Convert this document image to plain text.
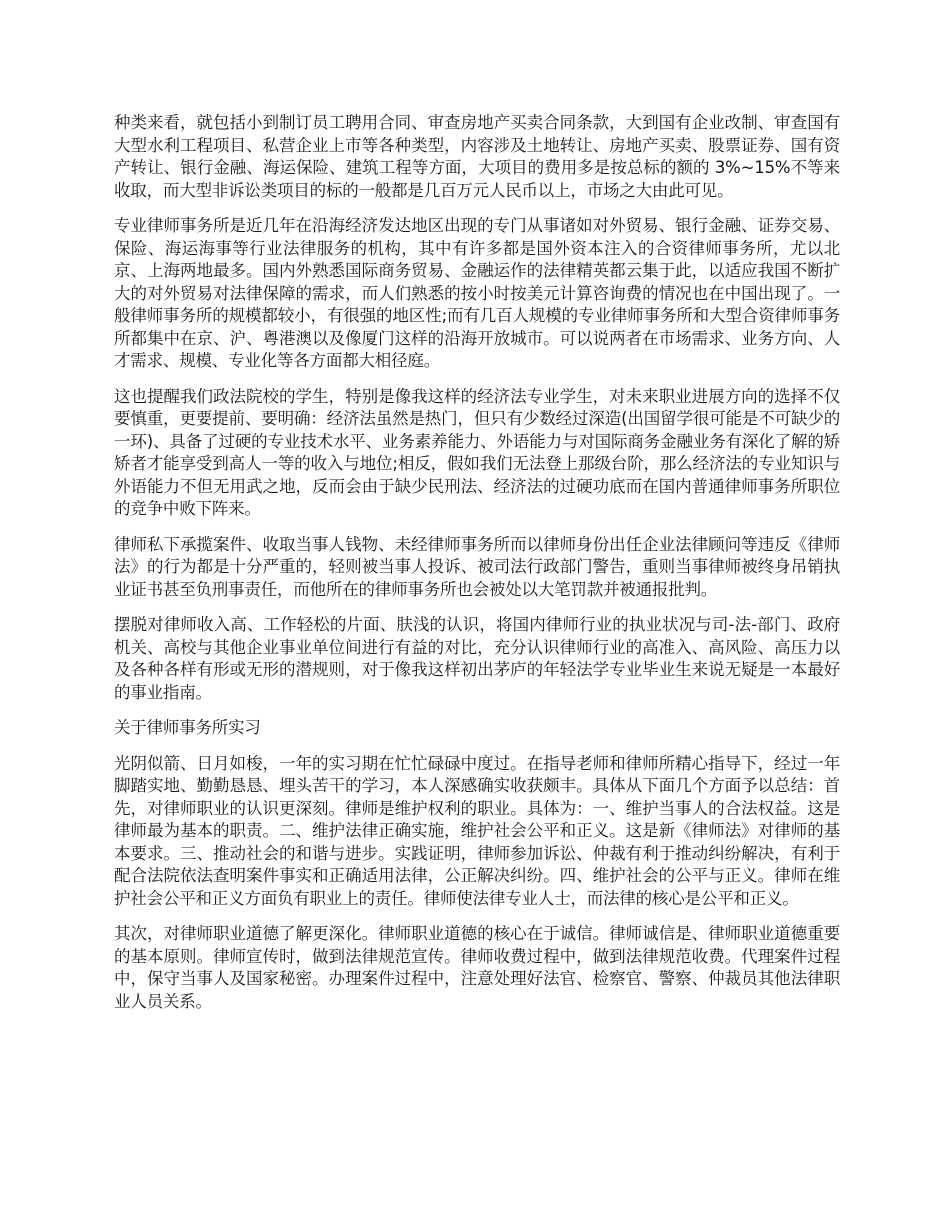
种类来看，就包括小到制订员工聘用合同、审查房地产买卖合同条款，大到国有企业改制、审查国有大型水利工程项目、私营企业上市等各种类型，内容涉及土地转让、房地产买卖、股票证券、国有资产转让、银行金融、海运保险、建筑工程等方面，大项目的费用多是按总标的额的 3%~15%不等来收取，而大型非诉讼类项目的标的一般都是几百万元人民币以上，市场之大由此可见。

专业律师事务所是近几年在沿海经济发达地区出现的专门从事诸如对外贸易、银行金融、证券交易、保险、海运海事等行业法律服务的机构，其中有许多都是国外资本注入的合资律师事务所，尤以北京、上海两地最多。国内外熟悉国际商务贸易、金融运作的法律精英都云集于此，以适应我国不断扩大的对外贸易对法律保障的需求，而人们熟悉的按小时按美元计算咨询费的情况也在中国出现了。一般律师事务所的规模都较小，有很强的地区性;而有几百人规模的专业律师事务所和大型合资律师事务所都集中在京、沪、粤港澳以及像厦门这样的沿海开放城市。可以说两者在市场需求、业务方向、人才需求、规模、专业化等各方面都大相径庭。

这也提醒我们政法院校的学生，特别是像我这样的经济法专业学生，对未来职业进展方向的选择不仅要慎重，更要提前、要明确：经济法虽然是热门，但只有少数经过深造(出国留学很可能是不可缺少的一环)、具备了过硬的专业技术水平、业务素养能力、外语能力与对国际商务金融业务有深化了解的矫矫者才能享受到高人一等的收入与地位;相反，假如我们无法登上那级台阶，那么经济法的专业知识与外语能力不但无用武之地，反而会由于缺少民刑法、经济法的过硬功底而在国内普通律师事务所职位的竞争中败下阵来。

律师私下承揽案件、收取当事人钱物、未经律师事务所而以律师身份出任企业法律顾问等违反《律师法》的行为都是十分严重的，轻则被当事人投诉、被司法行政部门警告，重则当事律师被终身吊销执业证书甚至负刑事责任，而他所在的律师事务所也会被处以大笔罚款并被通报批判。

摆脱对律师收入高、工作轻松的片面、肤浅的认识，将国内律师行业的执业状况与司-法-部门、政府机关、高校与其他企业事业单位间进行有益的对比，充分认识律师行业的高准入、高风险、高压力以及各种各样有形或无形的潜规则，对于像我这样初出茅庐的年轻法学专业毕业生来说无疑是一本最好的事业指南。

关于律师事务所实习

光阴似箭、日月如梭，一年的实习期在忙忙碌碌中度过。在指导老师和律师所精心指导下，经过一年脚踏实地、勤勤恳恳、埋头苦干的学习，本人深感确实收获颇丰。具体从下面几个方面予以总结：首先，对律师职业的认识更深刻。律师是维护权利的职业。具体为：一、维护当事人的合法权益。这是律师最为基本的职责。二、维护法律正确实施，维护社会公平和正义。这是新《律师法》对律师的基本要求。三、推动社会的和谐与进步。实践证明，律师参加诉讼、仲裁有利于推动纠纷解决，有利于配合法院依法查明案件事实和正确适用法律，公正解决纠纷。四、维护社会的公平与正义。律师在维护社会公平和正义方面负有职业上的责任。律师使法律专业人士，而法律的核心是公平和正义。

其次，对律师职业道德了解更深化。律师职业道德的核心在于诚信。律师诚信是、律师职业道德重要的基本原则。律师宣传时，做到法律规范宣传。律师收费过程中，做到法律规范收费。代理案件过程中，保守当事人及国家秘密。办理案件过程中，注意处理好法官、检察官、警察、仲裁员其他法律职业人员关系。
